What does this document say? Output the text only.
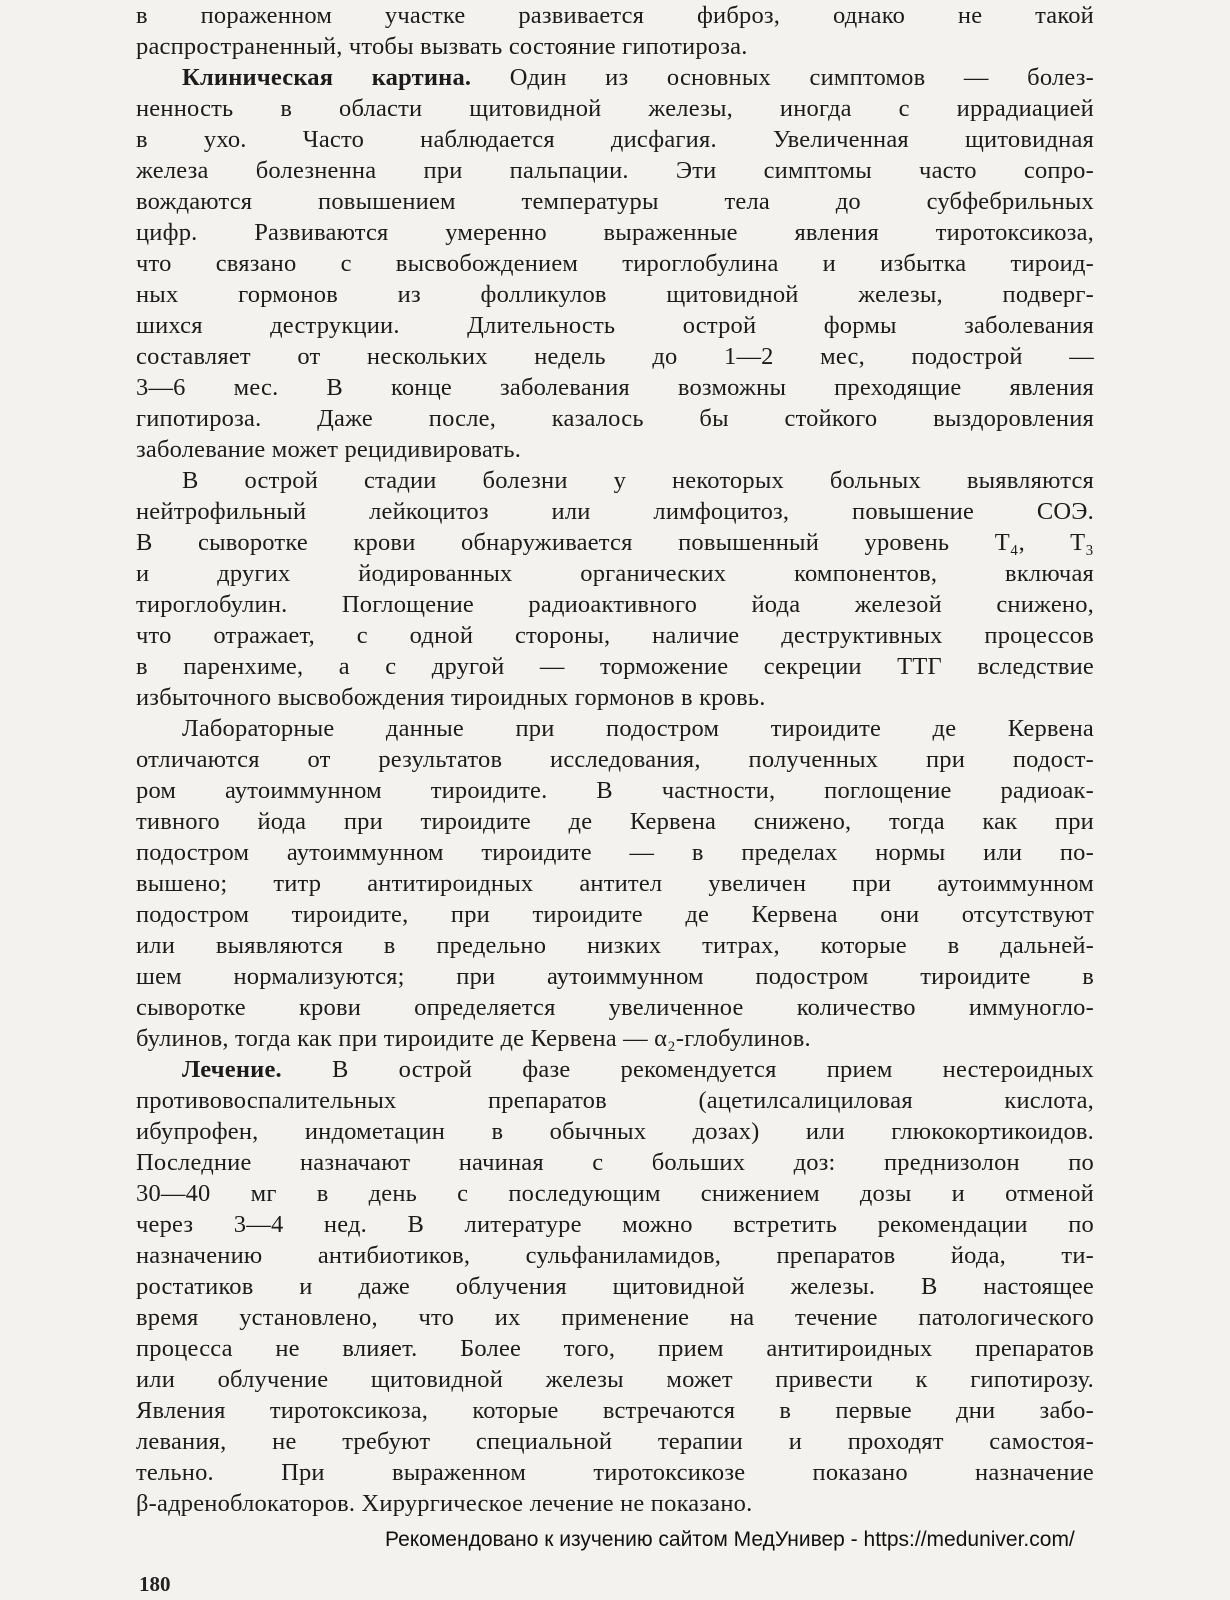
в пораженном участке развивается фиброз, однако не такой
распространенный, чтобы вызвать состояние гипотироза.
Клиническая картина. Один из основных симптомов — болез-
ненность в области щитовидной железы, иногда с иррадиацией
в ухо. Часто наблюдается дисфагия. Увеличенная щитовидная
железа болезненна при пальпации. Эти симптомы часто сопро-
вождаются повышением температуры тела до субфебрильных
цифр. Развиваются умеренно выраженные явления тиротоксикоза,
что связано с высвобождением тироглобулина и избытка тироид-
ных гормонов из фолликулов щитовидной железы, подверг-
шихся деструкции. Длительность острой формы заболевания
составляет от нескольких недель до 1—2 мес, подострой —
3—6 мес. В конце заболевания возможны преходящие явления
гипотироза. Даже после, казалось бы стойкого выздоровления
заболевание может рецидивировать.
В острой стадии болезни у некоторых больных выявляются
нейтрофильный лейкоцитоз или лимфоцитоз, повышение СОЭ.
В сыворотке крови обнаруживается повышенный уровень T₄, T₃
и других йодированных органических компонентов, включая
тироглобулин. Поглощение радиоактивного йода железой снижено,
что отражает, с одной стороны, наличие деструктивных процессов
в паренхиме, а с другой — торможение секреции ТТГ вследствие
избыточного высвобождения тироидных гормонов в кровь.
Лабораторные данные при подостром тироидите де Кервена
отличаются от результатов исследования, полученных при подост-
ром аутоиммунном тироидите. В частности, поглощение радиоак-
тивного йода при тироидите де Кервена снижено, тогда как при
подостром аутоиммунном тироидите — в пределах нормы или по-
вышено; титр антитироидных антител увеличен при аутоиммунном
подостром тироидите, при тироидите де Кервена они отсутствуют
или выявляются в предельно низких титрах, которые в дальней-
шем нормализуются; при аутоиммунном подостром тироидите в
сыворотке крови определяется увеличенное количество иммуногло-
булинов, тогда как при тироидите де Кервена — α₂-глобулинов.
Лечение. В острой фазе рекомендуется прием нестероидных
противовоспалительных препаратов (ацетилсалициловая кислота,
ибупрофен, индометацин в обычных дозах) или глюкокортикоидов.
Последние назначают начиная с больших доз: преднизолон по
30—40 мг в день с последующим снижением дозы и отменой
через 3—4 нед. В литературе можно встретить рекомендации по
назначению антибиотиков, сульфаниламидов, препаратов йода, ти-
ростатиков и даже облучения щитовидной железы. В настоящее
время установлено, что их применение на течение патологического
процесса не влияет. Более того, прием антитироидных препаратов
или облучение щитовидной железы может привести к гипотирозу.
Явления тиротоксикоза, которые встречаются в первые дни забо-
левания, не требуют специальной терапии и проходят самостоя-
тельно. При выраженном тиротоксикозе показано назначение
β-адреноблокаторов. Хирургическое лечение не показано.
Рекомендовано к изучению сайтом МедУнивер - https://meduniver.com/
180
